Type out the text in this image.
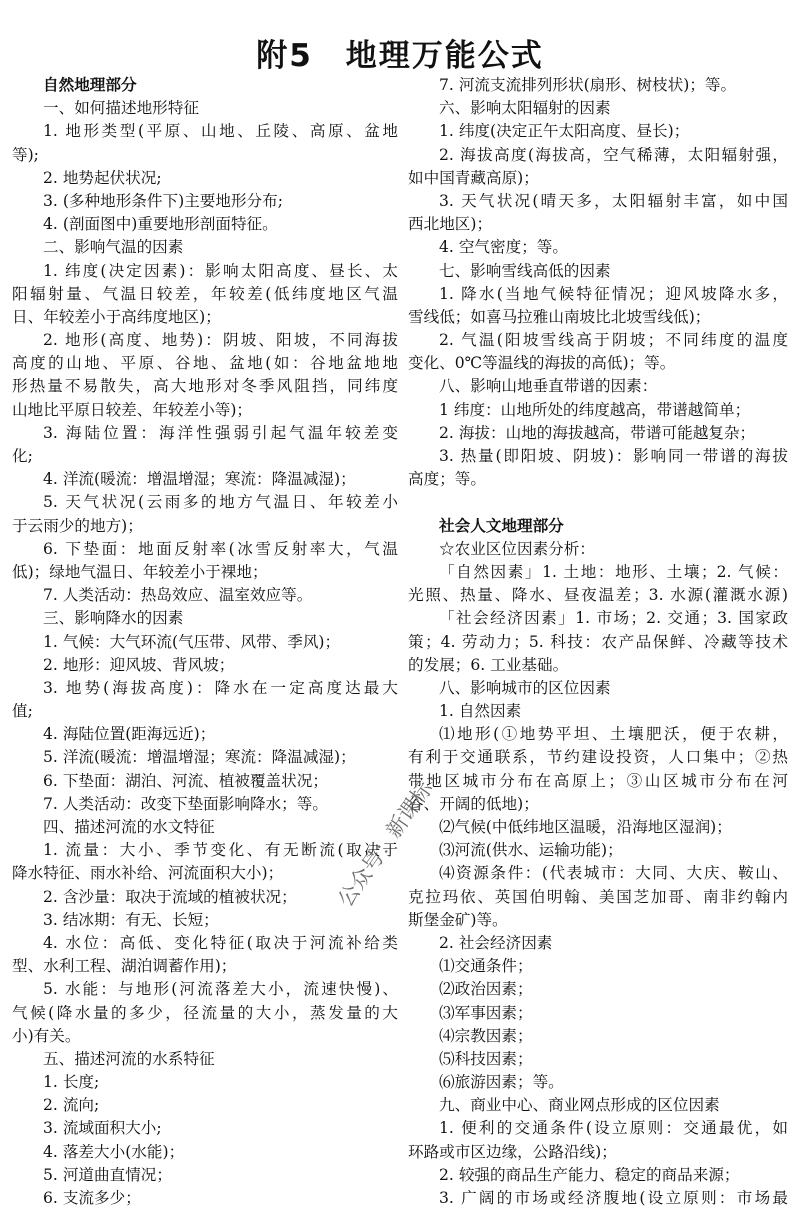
附5　地理万能公式
自然地理部分
一、如何描述地形特征
1. 地形类型(平原、山地、丘陵、高原、盆地
等);
2. 地势起伏状况;
3. (多种地形条件下)主要地形分布;
4. (剖面图中)重要地形剖面特征。
二、影响气温的因素
1. 纬度(决定因素)：影响太阳高度、昼长、太
阳辐射量、气温日较差，年较差(低纬度地区气温
日、年较差小于高纬度地区)；
2. 地形(高度、地势)：阴坡、阳坡，不同海拔
高度的山地、平原、谷地、盆地(如：谷地盆地地
形热量不易散失，高大地形对冬季风阻挡，同纬度
山地比平原日较差、年较差小等)；
3. 海陆位置：海洋性强弱引起气温年较差变
化;
4. 洋流(暖流：增温增湿；寒流：降温减湿)；
5. 天气状况(云雨多的地方气温日、年较差小
于云雨少的地方)；
6. 下垫面：地面反射率(冰雪反射率大，气温
低)；绿地气温日、年较差小于裸地；
7. 人类活动：热岛效应、温室效应等。
三、影响降水的因素
1. 气候：大气环流(气压带、风带、季风)；
2. 地形：迎风坡、背风坡；
3. 地势(海拔高度)：降水在一定高度达最大
值;
4. 海陆位置(距海远近)；
5. 洋流(暖流：增温增湿；寒流：降温减湿)；
6. 下垫面：湖泊、河流、植被覆盖状况；
7. 人类活动：改变下垫面影响降水；等。
四、描述河流的水文特征
1. 流量：大小、季节变化、有无断流(取决于
降水特征、雨水补给、河流面积大小)；
2. 含沙量：取决于流域的植被状况；
3. 结冰期：有无、长短；
4. 水位：高低、变化特征(取决于河流补给类
型、水利工程、湖泊调蓄作用)；
5. 水能：与地形(河流落差大小，流速快慢)、
气候(降水量的多少，径流量的大小，蒸发量的大
小)有关。
五、描述河流的水系特征
1. 长度;
2. 流向;
3. 流域面积大小;
4. 落差大小(水能)；
5. 河道曲直情况；
6. 支流多少；
7. 河流支流排列形状(扇形、树枝状)；等。
六、影响太阳辐射的因素
1. 纬度(决定正午太阳高度、昼长)；
2. 海拔高度(海拔高，空气稀薄，太阳辐射强，
如中国青藏高原)；
3. 天气状况(晴天多，太阳辐射丰富，如中国
西北地区)；
4. 空气密度；等。
七、影响雪线高低的因素
1. 降水(当地气候特征情况；迎风坡降水多，
雪线低；如喜马拉雅山南坡比北坡雪线低)；
2. 气温(阳坡雪线高于阴坡；不同纬度的温度
变化、0℃等温线的海拔的高低)；等。
八、影响山地垂直带谱的因素：
1 纬度：山地所处的纬度越高，带谱越简单；
2. 海拔：山地的海拔越高，带谱可能越复杂；
3. 热量(即阳坡、阴坡)：影响同一带谱的海拔
高度；等。
社会人文地理部分
☆农业区位因素分析：
「自然因素」1. 土地：地形、土壤；2. 气候：
光照、热量、降水、昼夜温差；3. 水源(灌溉水源)
「社会经济因素」1. 市场；2. 交通；3. 国家政
策；4. 劳动力；5. 科技：农产品保鲜、冷藏等技术
的发展；6. 工业基础。
八、影响城市的区位因素
1. 自然因素
⑴地形(①地势平坦、土壤肥沃，便于农耕，
有利于交通联系，节约建设投资，人口集中；②热
带地区城市分布在高原上；③山区城市分布在河
谷、开阔的低地)；
⑵气候(中低纬地区温暖，沿海地区湿润)；
⑶河流(供水、运输功能)；
⑷资源条件：(代表城市：大同、大庆、鞍山、
克拉玛依、英国伯明翰、美国芝加哥、南非约翰内
斯堡金矿)等。
2. 社会经济因素
⑴交通条件；
⑵政治因素；
⑶军事因素；
⑷宗教因素；
⑸科技因素；
⑹旅游因素；等。
九、商业中心、商业网点形成的区位因素
1. 便利的交通条件(设立原则：交通最优，如
环路或市区边缘，公路沿线)；
2. 较强的商品生产能力、稳定的商品来源；
3. 广阔的市场或经济腹地(设立原则：市场最
公众号：新课标
